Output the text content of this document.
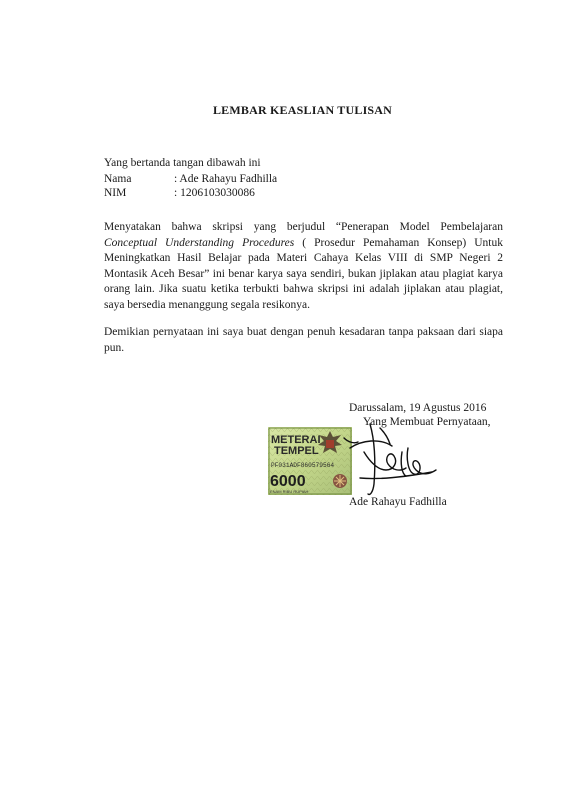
LEMBAR KEASLIAN TULISAN
Yang bertanda tangan dibawah ini
Nama	: Ade Rahayu Fadhilla
NIM	: 1206103030086
Menyatakan bahwa skripsi yang berjudul “Penerapan Model Pembelajaran
Conceptual Understanding Procedures ( Prosedur Pemahaman Konsep) Untuk
Meningkatkan Hasil Belajar pada Materi Cahaya Kelas VIII di SMP Negeri 2
Montasik Aceh Besar” ini benar karya saya sendiri, bukan jiplakan atau plagiat karya
orang lain. Jika suatu ketika terbukti bahwa skripsi ini adalah jiplakan atau plagiat,
saya bersedia menanggung segala resikonya.
Demikian pernyataan ini saya buat dengan penuh kesadaran tanpa paksaan dari siapa
pun.
Darussalam, 19 Agustus 2016
Yang Membuat Pernyataan,
METERAI
TEMPEL
PF031ADF860579564
6000
ENAM RIBU RUPIAH
Ade Rahayu Fadhilla
